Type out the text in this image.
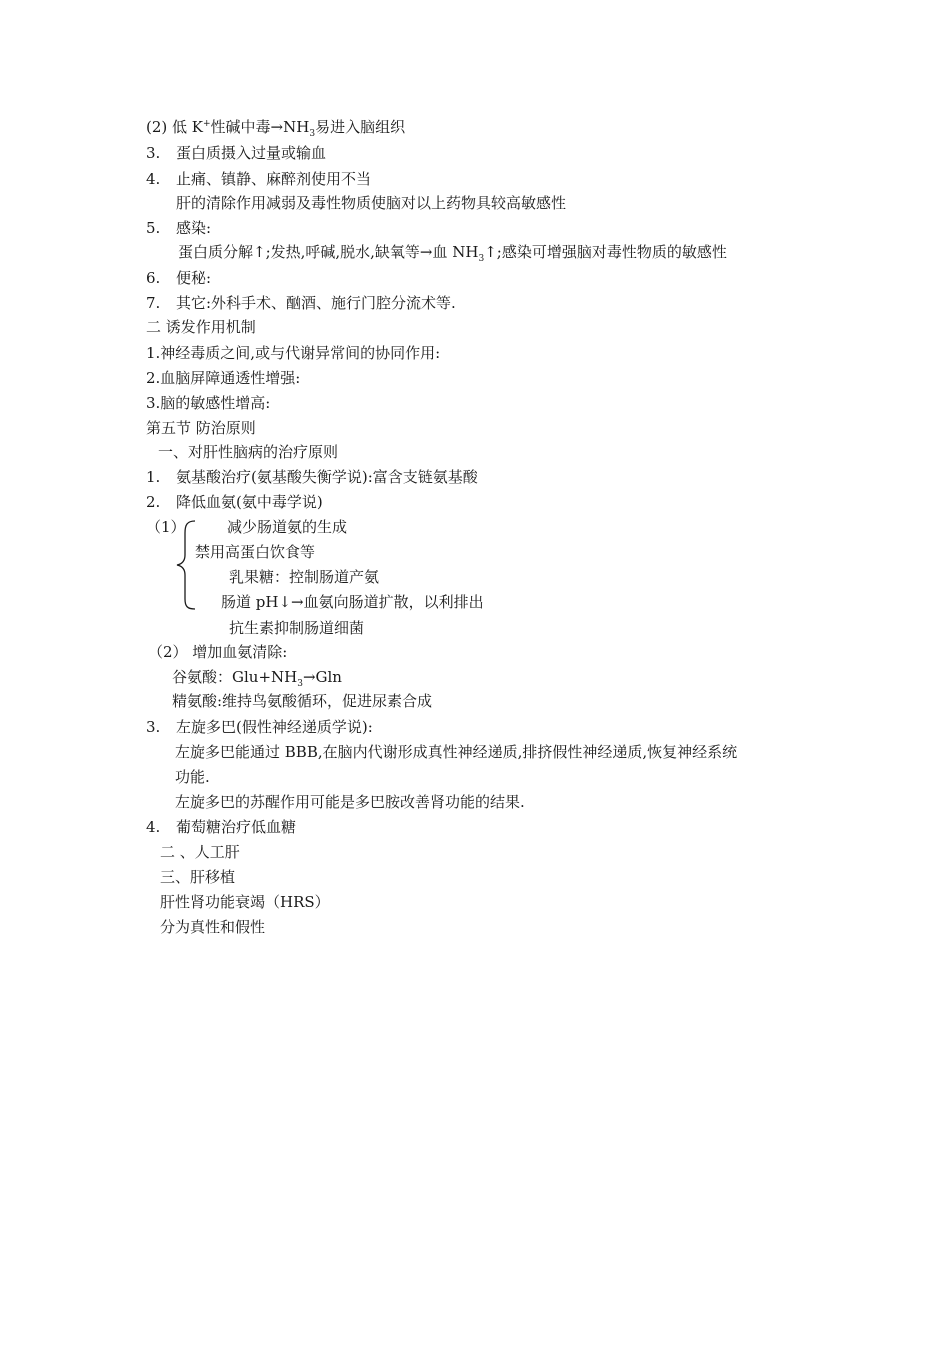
(2) 低 K+性碱中毒$\to NH_3$易进入脑组织
3. 蛋白质摄入过量或输血
4. 止痛、镇静、麻醉剂使用不当
肝的清除作用减弱及毒性物质使脑对以上药物具较高敏感性
5. 感染:
蛋白质分解↑;发热,呼碱,脱水,缺氧等→血 $NH_3↑$;感染可增强脑对毒性物质的敏感性
6. 便秘:
7. 其它:外科手术、酗酒、施行门腔分流术等.
二 诱发作用机制
1.神经毒质之间,或与代谢异常间的协同作用:
2.血脑屏障通透性增强:
3.脑的敏感性增高:
第五节 防治原则
一、对肝性脑病的治疗原则
1. 氨基酸治疗(氨基酸失衡学说):富含支链氨基酸
2. 降低血氨(氨中毒学说)
（1）	减少肠道氨的生成
禁用高蛋白饮食等
乳果糖：控制肠道产氨
肠道 pH↓→血氨向肠道扩散，以利排出
抗生素抑制肠道细菌
（2） 增加血氨清除:
谷氨酸：$Glu+NH_3\to Gln$
精氨酸:维持鸟氨酸循环，促进尿素合成
3. 左旋多巴(假性神经递质学说):
左旋多巴能通过 BBB,在脑内代谢形成真性神经递质,排挤假性神经递质,恢复神经系统
功能.
左旋多巴的苏醒作用可能是多巴胺改善肾功能的结果.
4. 葡萄糖治疗低血糖
二 、人工肝
三、肝移植
肝性肾功能衰竭（HRS）
分为真性和假性
